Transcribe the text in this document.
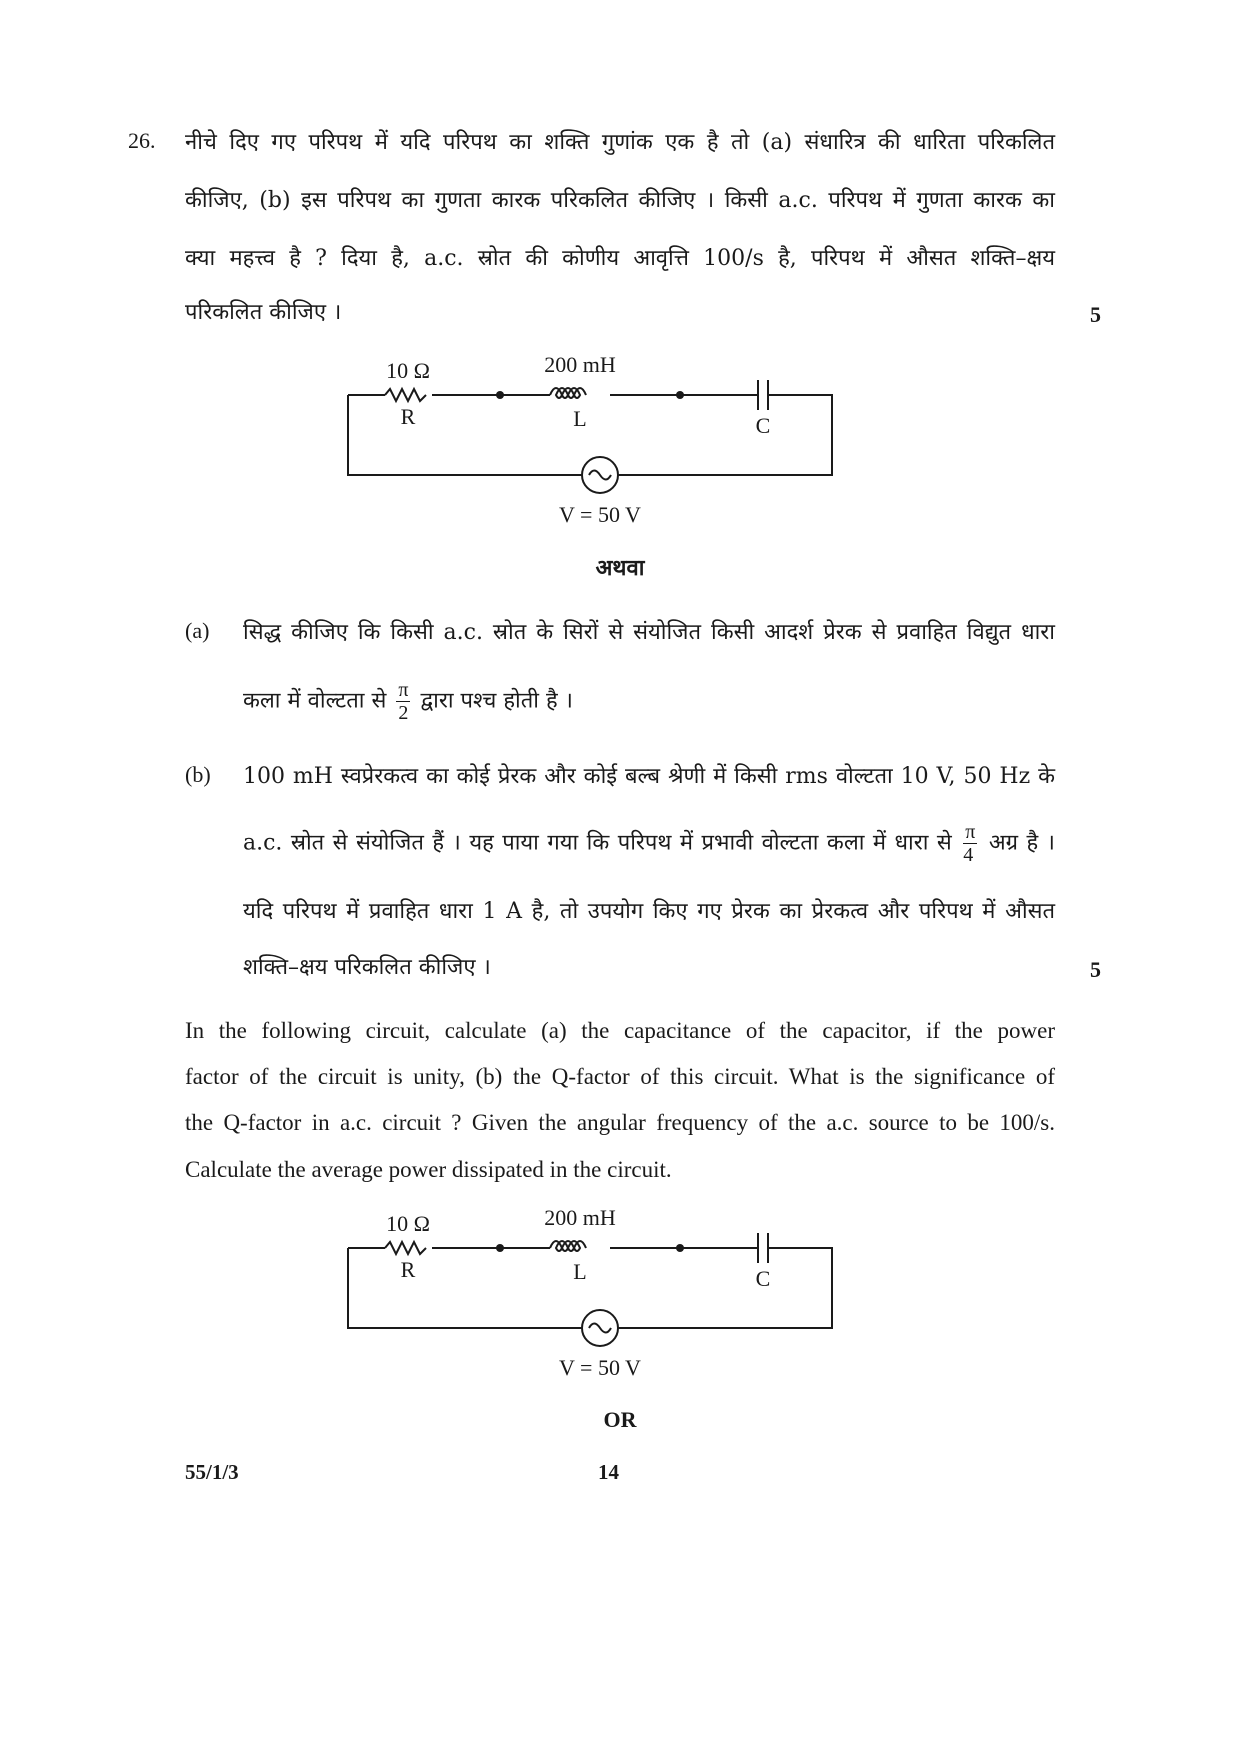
26. नीचे दिए गए परिपथ में यदि परिपथ का शक्ति गुणांक एक है तो (a) संधारित्र की धारिता परिकलित
कीजिए, (b) इस परिपथ का गुणता कारक परिकलित कीजिए । किसी a.c. परिपथ में गुणता कारक का
क्या महत्त्व है ? दिया है, a.c. स्रोत की कोणीय आवृत्ति 100/s है, परिपथ में औसत शक्ति–क्षय
परिकलित कीजिए ।	5
10 Ω
R
200 mH
L	C
V = 50 V
अथवा
(a) सिद्ध कीजिए कि किसी a.c. स्रोत के सिरों से संयोजित किसी आदर्श प्रेरक से प्रवाहित विद्युत धारा
कला में वोल्टता से $\frac{\pi}{2}$ द्वारा पश्च होती है ।
(b) 100 mH स्वप्रेरकत्व का कोई प्रेरक और कोई बल्ब श्रेणी में किसी rms वोल्टता 10 V, 50 Hz के
a.c. स्रोत से संयोजित हैं । यह पाया गया कि परिपथ में प्रभावी वोल्टता कला में धारा से $\frac{\pi}{4}$ अग्र है ।
यदि परिपथ में प्रवाहित धारा 1 A है, तो उपयोग किए गए प्रेरक का प्रेरकत्व और परिपथ में औसत
शक्ति–क्षय परिकलित कीजिए ।	5
In the following circuit, calculate (a) the capacitance of the capacitor, if the power
factor of the circuit is unity, (b) the Q-factor of this circuit. What is the significance of
the Q-factor in a.c. circuit ? Given the angular frequency of the a.c. source to be 100/s.
Calculate the average power dissipated in the circuit.
10 Ω
R
200 mH
L	C
V = 50 V
OR
55/1/3	14
